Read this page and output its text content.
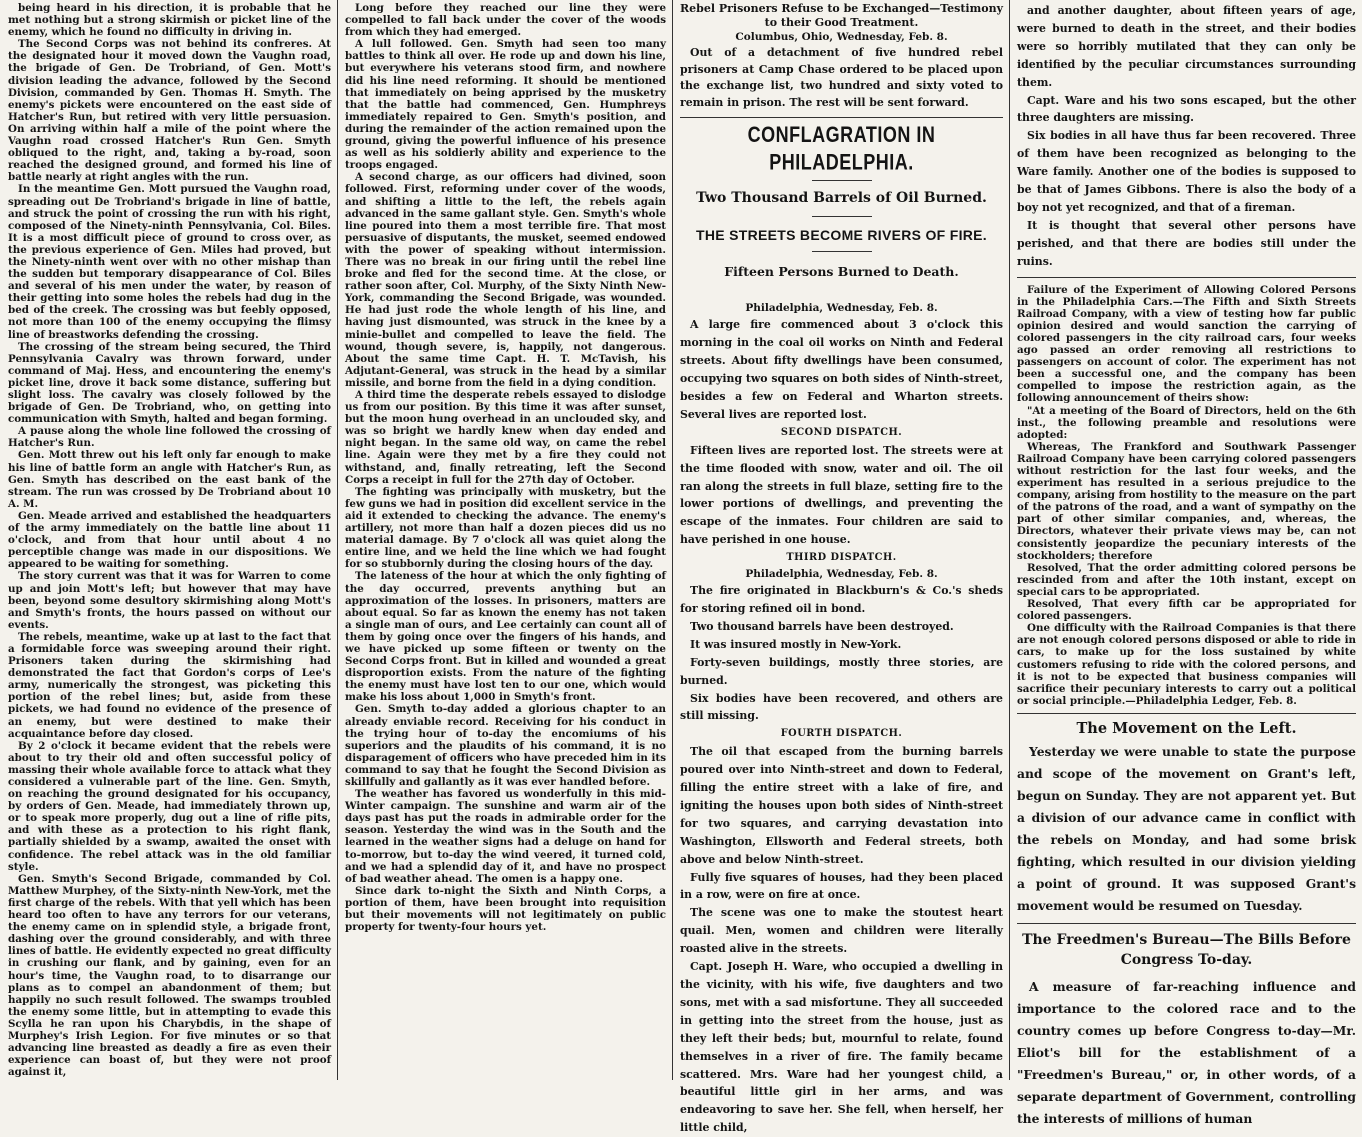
being heard in his direction, it is probable that he met nothing but a strong skirmish or picket line of the enemy, which he found no difficulty in driving in.

The Second Corps was not behind its confreres. At the designated hour it moved down the Vaughn road, the brigade of Gen. De Trobriand, of Gen. Mott's division leading the advance, followed by the Second Division, commanded by Gen. Thomas H. Smyth. The enemy's pickets were encountered on the east side of Hatcher's Run, but retired with very little persuasion. On arriving within half a mile of the point where the Vaughn road crossed Hatcher's Run Gen. Smyth obliqued to the right, and, taking a by-road, soon reached the designed ground, and formed his line of battle nearly at right angles with the run.

In the meantime Gen. Mott pursued the Vaughn road, spreading out De Trobriand's brigade in line of battle, and struck the point of crossing the run with his right, composed of the Ninety-ninth Pennsylvania, Col. Biles. It is a most difficult piece of ground to cross over, as the previous experience of Gen. Miles had proved, but the Ninety-ninth went over with no other mishap than the sudden but temporary disappearance of Col. Biles and several of his men under the water, by reason of their getting into some holes the rebels had dug in the bed of the creek. The crossing was but feebly opposed, not more than 100 of the enemy occupying the flimsy line of breastworks defending the crossing.

The crossing of the stream being secured, the Third Pennsylvania Cavalry was thrown forward, under command of Maj. Hess, and encountering the enemy's picket line, drove it back some distance, suffering but slight loss. The cavalry was closely followed by the brigade of Gen. De Trobriand, who, on getting into communication with Smyth, halted and began forming.

A pause along the whole line followed the crossing of Hatcher's Run.

Gen. Mott threw out his left only far enough to make his line of battle form an angle with Hatcher's Run, as Gen. Smyth has described on the east bank of the stream. The run was crossed by De Trobriand about 10 A. M.

Gen. Meade arrived and established the headquarters of the army immediately on the battle line about 11 o'clock, and from that hour until about 4 no perceptible change was made in our dispositions. We appeared to be waiting for something.

The story current was that it was for Warren to come up and join Mott's left; but however that may have been, beyond some desultory skirmishing along Mott's and Smyth's fronts, the hours passed on without our events.

The rebels, meantime, wake up at last to the fact that a formidable force was sweeping around their right. Prisoners taken during the skirmishing had demonstrated the fact that Gordon's corps of Lee's army, numerically the strongest, was picketing this portion of the rebel lines; but, aside from these pickets, we had found no evidence of the presence of an enemy, but were destined to make their acquaintance before day closed.

By 2 o'clock it became evident that the rebels were about to try their old and often successful policy of massing their whole available force to attack what they considered a vulnerable part of the line. Gen. Smyth, on reaching the ground designated for his occupancy, by orders of Gen. Meade, had immediately thrown up, or to speak more properly, dug out a line of rifle pits, and with these as a protection to his right flank, partially shielded by a swamp, awaited the onset with confidence. The rebel attack was in the old familiar style.

Gen. Smyth's Second Brigade, commanded by Col. Matthew Murphey, of the Sixty-ninth New-York, met the first charge of the rebels. With that yell which has been heard too often to have any terrors for our veterans, the enemy came on in splendid style, a brigade front, dashing over the ground considerably, and with three lines of battle. He evidently expected no great difficulty in crushing our flank, and by gaining, even for an hour's time, the Vaughn road, to to disarrange our plans as to compel an abandonment of them; but happily no such result followed. The swamps troubled the enemy some little, but in attempting to evade this Scylla he ran upon his Charybdis, in the shape of Murphey's Irish Legion. For five minutes or so that advancing line breasted as deadly a fire as even their experience can boast of, but they were not proof against it,

Long before they reached our line they were compelled to fall back under the cover of the woods from which they had emerged.

A lull followed. Gen. Smyth had seen too many battles to think all over. He rode up and down his line, but everywhere his veterans stood firm, and nowhere did his line need reforming. It should be mentioned that immediately on being apprised by the musketry that the battle had commenced, Gen. Humphreys immediately repaired to Gen. Smyth's position, and during the remainder of the action remained upon the ground, giving the powerful influence of his presence as well as his soldierly ability and experience to the troops engaged.

A second charge, as our officers had divined, soon followed. First, reforming under cover of the woods, and shifting a little to the left, the rebels again advanced in the same gallant style. Gen. Smyth's whole line poured into them a most terrible fire. That most persuasive of disputants, the musket, seemed endowed with the power of speaking without intermission. There was no break in our firing until the rebel line broke and fled for the second time. At the close, or rather soon after, Col. Murphy, of the Sixty Ninth New-York, commanding the Second Brigade, was wounded. He had just rode the whole length of his line, and having just dismounted, was struck in the knee by a minie-bullet and compelled to leave the field. The wound, though severe, is, happily, not dangerous. About the same time Capt. H. T. McTavish, his Adjutant-General, was struck in the head by a similar missile, and borne from the field in a dying condition.

A third time the desperate rebels essayed to dislodge us from our position. By this time it was after sunset, but the moon hung overhead in an unclouded sky, and was so bright we hardly knew when day ended and night began. In the same old way, on came the rebel line. Again were they met by a fire they could not withstand, and, finally retreating, left the Second Corps a receipt in full for the 27th day of October.

The fighting was principally with musketry, but the few guns we had in position did excellent service in the aid it extended to checking the advance. The enemy's artillery, not more than half a dozen pieces did us no material damage. By 7 o'clock all was quiet along the entire line, and we held the line which we had fought for so stubbornly during the closing hours of the day.

The lateness of the hour at which the only fighting of the day occurred, prevents anything but an approximation of the losses. In prisoners, matters are about equal. So far as known the enemy has not taken a single man of ours, and Lee certainly can count all of them by going once over the fingers of his hands, and we have picked up some fifteen or twenty on the Second Corps front. But in killed and wounded a great disproportion exists. From the nature of the fighting the enemy must have lost ten to our one, which would make his loss about 1,000 in Smyth's front.

Gen. Smyth to-day added a glorious chapter to an already enviable record. Receiving for his conduct in the trying hour of to-day the encomiums of his superiors and the plaudits of his command, it is no disparagement of officers who have preceded him in its command to say that he fought the Second Division as skillfully and gallantly as it was ever handled before.

The weather has favored us wonderfully in this mid-Winter campaign. The sunshine and warm air of the days past has put the roads in admirable order for the season. Yesterday the wind was in the South and the learned in the weather signs had a deluge on hand for to-morrow, but to-day the wind veered, it turned cold, and we had a splendid day of it, and have no prospect of bad weather ahead. The omen is a happy one.

Since dark to-night the Sixth and Ninth Corps, a portion of them, have been brought into requisition but their movements will not legitimately on public property for twenty-four hours yet.

Rebel Prisoners Refuse to be Exchanged—Testimony to their Good Treatment.
Columbus, Ohio, Wednesday, Feb. 8.

Out of a detachment of five hundred rebel prisoners at Camp Chase ordered to be placed upon the exchange list, two hundred and sixty voted to remain in prison. The rest will be sent forward.

CONFLAGRATION IN PHILADELPHIA.
Two Thousand Barrels of Oil Burned.
THE STREETS BECOME RIVERS OF FIRE.
Fifteen Persons Burned to Death.
Philadelphia, Wednesday, Feb. 8.

A large fire commenced about 3 o'clock this morning in the coal oil works on Ninth and Federal streets. About fifty dwellings have been consumed, occupying two squares on both sides of Ninth-street, besides a few on Federal and Wharton streets. Several lives are reported lost.

SECOND DISPATCH.

Fifteen lives are reported lost. The streets were at the time flooded with snow, water and oil. The oil ran along the streets in full blaze, setting fire to the lower portions of dwellings, and preventing the escape of the inmates. Four children are said to have perished in one house.

THIRD DISPATCH.
Philadelphia, Wednesday, Feb. 8.

The fire originated in Blackburn's & Co.'s sheds for storing refined oil in bond.

Two thousand barrels have been destroyed.

It was insured mostly in New-York.

Forty-seven buildings, mostly three stories, are burned.

Six bodies have been recovered, and others are still missing.

FOURTH DISPATCH.

The oil that escaped from the burning barrels poured over into Ninth-street and down to Federal, filling the entire street with a lake of fire, and igniting the houses upon both sides of Ninth-street for two squares, and carrying devastation into Washington, Ellsworth and Federal streets, both above and below Ninth-street.

Fully five squares of houses, had they been placed in a row, were on fire at once.

The scene was one to make the stoutest heart quail. Men, women and children were literally roasted alive in the streets.

Capt. Joseph H. Ware, who occupied a dwelling in the vicinity, with his wife, five daughters and two sons, met with a sad misfortune. They all succeeded in getting into the street from the house, just as they left their beds; but, mournful to relate, found themselves in a river of fire. The family became scattered. Mrs. Ware had her youngest child, a beautiful little girl in her arms, and was endeavoring to save her. She fell, when herself, her little child,

and another daughter, about fifteen years of age, were burned to death in the street, and their bodies were so horribly mutilated that they can only be identified by the peculiar circumstances surrounding them.

Capt. Ware and his two sons escaped, but the other three daughters are missing.

Six bodies in all have thus far been recovered. Three of them have been recognized as belonging to the Ware family. Another one of the bodies is supposed to be that of James Gibbons. There is also the body of a boy not yet recognized, and that of a fireman.

It is thought that several other persons have perished, and that there are bodies still under the ruins.

Failure of the Experiment of Allowing Colored Persons in the Philadelphia Cars.—The Fifth and Sixth Streets Railroad Company, with a view of testing how far public opinion desired and would sanction the carrying of colored passengers in the city railroad cars, four weeks ago passed an order removing all restrictions to passengers on account of color. The experiment has not been a successful one, and the company has been compelled to impose the restriction again, as the following announcement of theirs show:

"At a meeting of the Board of Directors, held on the 6th inst., the following preamble and resolutions were adopted:

Whereas, The Frankford and Southwark Passenger Railroad Company have been carrying colored passengers without restriction for the last four weeks, and the experiment has resulted in a serious prejudice to the company, arising from hostility to the measure on the part of the patrons of the road, and a want of sympathy on the part of other similar companies, and, whereas, the Directors, whatever their private views may be, can not consistently jeopardize the pecuniary interests of the stockholders; therefore

Resolved, That the order admitting colored persons be rescinded from and after the 10th instant, except on special cars to be appropriated.

Resolved, That every fifth car be appropriated for colored passengers.

One difficulty with the Railroad Companies is that there are not enough colored persons disposed or able to ride in cars, to make up for the loss sustained by white customers refusing to ride with the colored persons, and it is not to be expected that business companies will sacrifice their pecuniary interests to carry out a political or social principle.—Philadelphia Ledger, Feb. 8.

The Movement on the Left.

Yesterday we were unable to state the purpose and scope of the movement on Grant's left, begun on Sunday. They are not apparent yet. But a division of our advance came in conflict with the rebels on Monday, and had some brisk fighting, which resulted in our division yielding a point of ground. It was supposed Grant's movement would be resumed on Tuesday.

The Freedmen's Bureau—The Bills Before Congress To-day.

A measure of far-reaching influence and importance to the colored race and to the country comes up before Congress to-day—Mr. Eliot's bill for the establishment of a "Freedmen's Bureau," or, in other words, of a separate department of Government, controlling the interests of millions of human
